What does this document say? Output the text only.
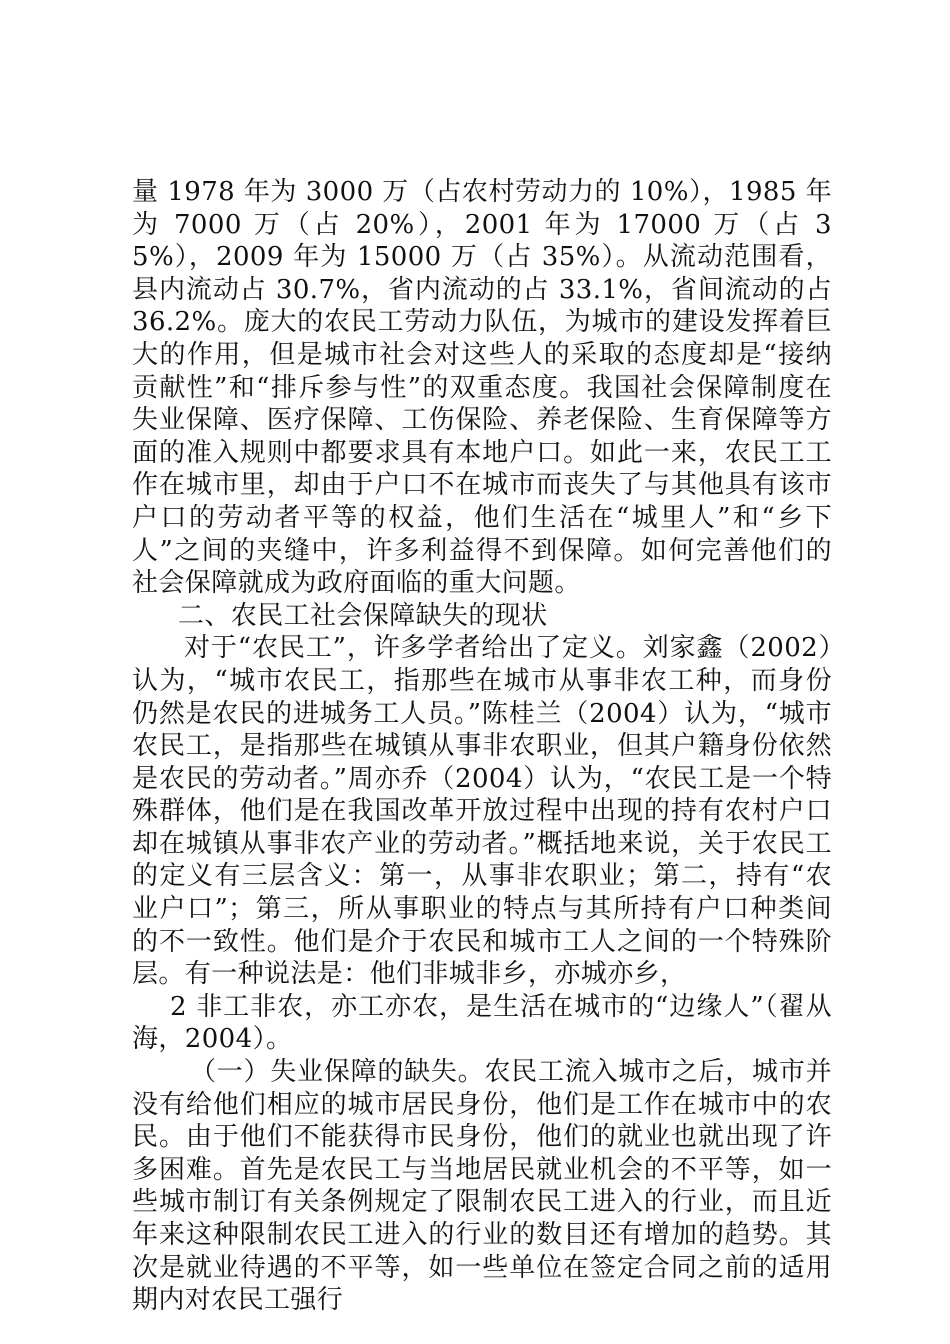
量 1978 年为 3000 万（占农村劳动力的 10%），1985 年为 7000 万（占 20%），2001 年为 17000 万（占 35%），2009 年为 15000 万（占 35%）。从流动范围看，县内流动占 30.7%，省内流动的占 33.1%，省间流动的占 36.2%。庞大的农民工劳动力队伍，为城市的建设发挥着巨大的作用，但是城市社会对这些人的采取的态度却是“接纳贡献性”和“排斥参与性”的双重态度。我国社会保障制度在失业保障、医疗保障、工伤保险、养老保险、生育保障等方面的准入规则中都要求具有本地户口。如此一来，农民工工作在城市里，却由于户口不在城市而丧失了与其他具有该市户口的劳动者平等的权益，他们生活在“城里人”和“乡下人”之间的夹缝中，许多利益得不到保障。如何完善他们的社会保障就成为政府面临的重大问题。

二、农民工社会保障缺失的现状

对于“农民工”，许多学者给出了定义。刘家鑫（2002）认为，“城市农民工，指那些在城市从事非农工种，而身份仍然是农民的进城务工人员。”陈桂兰（2004）认为，“城市农民工，是指那些在城镇从事非农职业，但其户籍身份依然是农民的劳动者。”周亦乔（2004）认为，“农民工是一个特殊群体，他们是在我国改革开放过程中出现的持有农村户口却在城镇从事非农产业的劳动者。”概括地来说，关于农民工的定义有三层含义：第一，从事非农职业；第二，持有“农业户口”；第三，所从事职业的特点与其所持有户口种类间的不一致性。他们是介于农民和城市工人之间的一个特殊阶层。有一种说法是：他们非城非乡，亦城亦乡，

2 非工非农，亦工亦农，是生活在城市的“边缘人”（翟从海，2004）。

（一）失业保障的缺失。农民工流入城市之后，城市并没有给他们相应的城市居民身份，他们是工作在城市中的农民。由于他们不能获得市民身份，他们的就业也就出现了许多困难。首先是农民工与当地居民就业机会的不平等，如一些城市制订有关条例规定了限制农民工进入的行业，而且近年来这种限制农民工进入的行业的数目还有增加的趋势。其次是就业待遇的不平等，如一些单位在签定合同之前的适用期内对农民工强行
